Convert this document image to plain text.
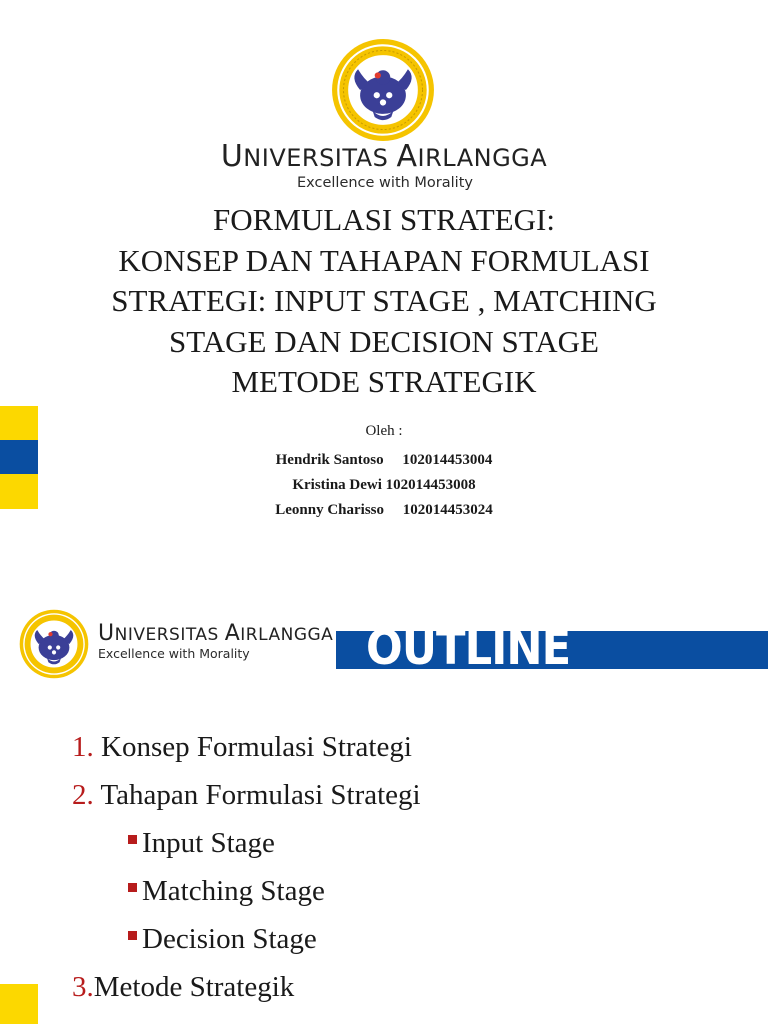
UNIVERSITAS AIRLANGGA
Excellence with Morality
FORMULASI STRATEGI:
KONSEP DAN TAHAPAN FORMULASI
STRATEGI: INPUT STAGE , MATCHING
STAGE DAN DECISION STAGE
METODE STRATEGIK
Oleh :
Hendrik Santoso 102014453004
Kristina Dewi 102014453008
Leonny Charisso 102014453024
UNIVERSITAS AIRLANGGA
Excellence with Morality	OUTLINE
1. Konsep Formulasi Strategi
2. Tahapan Formulasi Strategi
Input Stage
Matching Stage
Decision Stage
3.Metode Strategik
